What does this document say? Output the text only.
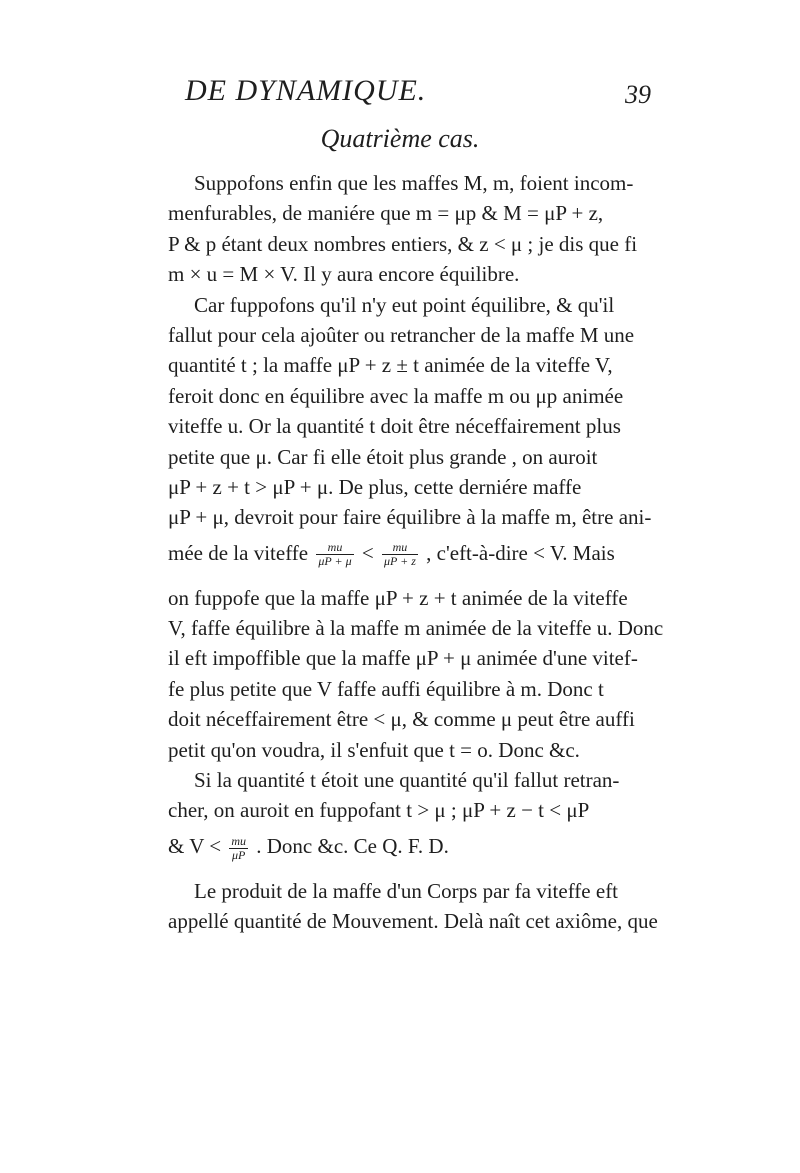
DE DYNAMIQUE.	39
Quatrième cas.
Suppofons enfin que les maffes M, m, foient incom-
menfurables, de maniére que m = μp & M = μP + z,
P & p étant deux nombres entiers, & z < μ ; je dis que fi
m × u = M × V. Il y aura encore équilibre.
Car fuppofons qu'il n'y eut point équilibre, & qu'il
fallut pour cela ajoûter ou retrancher de la maffe M une
quantité t ; la maffe μP + z ± t animée de la viteffe V,
feroit donc en équilibre avec la maffe m ou μp animée
viteffe u. Or la quantité t doit être néceffairement plus
petite que μ. Car fi elle étoit plus grande , on auroit
μP + z + t > μP + μ. De plus, cette derniére maffe
μP + μ, devroit pour faire équilibre à la maffe m, être ani-
mée de la viteffe $\frac{mu}{\mu P + \mu} < \frac{mu}{\mu P + z}$ , c'eft-à-dire < V. Mais
on fuppofe que la maffe μP + z + t animée de la viteffe
V, faffe équilibre à la maffe m animée de la viteffe u. Donc
il eft impoffible que la maffe μP + μ animée d'une vitef-
fe plus petite que V faffe auffi équilibre à m. Donc t
doit néceffairement être < μ, & comme μ peut être auffi
petit qu'on voudra, il s'enfuit que t = o. Donc &c.
Si la quantité t étoit une quantité qu'il fallut retran-
cher, on auroit en fuppofant t > μ ; μP + z − t < μP
& $V < \frac{mu}{\mu P}$ . Donc &c. Ce Q. F. D.
Le produit de la maffe d'un Corps par fa viteffe eft
appellé quantité de Mouvement. Delà naît cet axiôme, que
